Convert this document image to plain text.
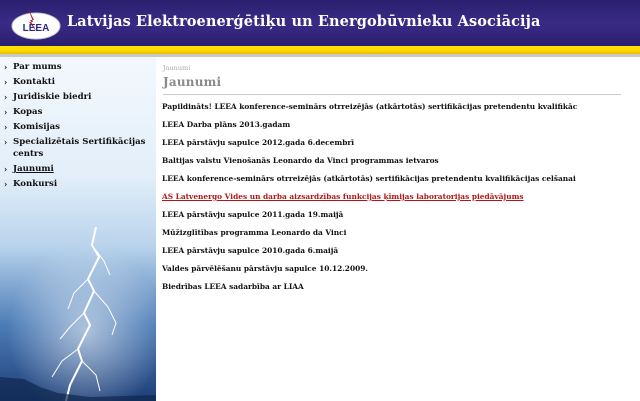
LEEA Latvijas Elektroenerģētiķu un Energobūvnieku Asociācija
› Par mums
› Kontakti
› Juridiskie biedri
› Kopas
› Komisijas
› Specializētais Sertifikācijas centrs
› Jaunumi
› Konkursi
Jaunumi
Jaunumi
Papildināts! LEEA konference-seminārs otrreizējās (atkārtotās) sertifikācijas pretendentu kvalifikāc
LEEA Darba plāns 2013.gadam
LEEA pārstāvju sapulce 2012.gada 6.decembrī
Baltijas valstu Vienošanās Leonardo da Vinci programmas ietvaros
LEEA konference-seminārs otrreizējās (atkārtotās) sertifikācijas pretendentu kvalifikācijas celšanai
AS Latvenergo Vides un darba aizsardzības funkcijas ķīmijas laboratorijas piedāvājums
LEEA pārstāvju sapulce 2011.gada 19.maijā
Mūžizglītības programma Leonardo da Vinci
LEEA pārstāvju sapulce 2010.gada 6.maijā
Valdes pārvēlēšanu pārstāvju sapulce 10.12.2009.
Biedrības LEEA sadarbība ar LIAA
